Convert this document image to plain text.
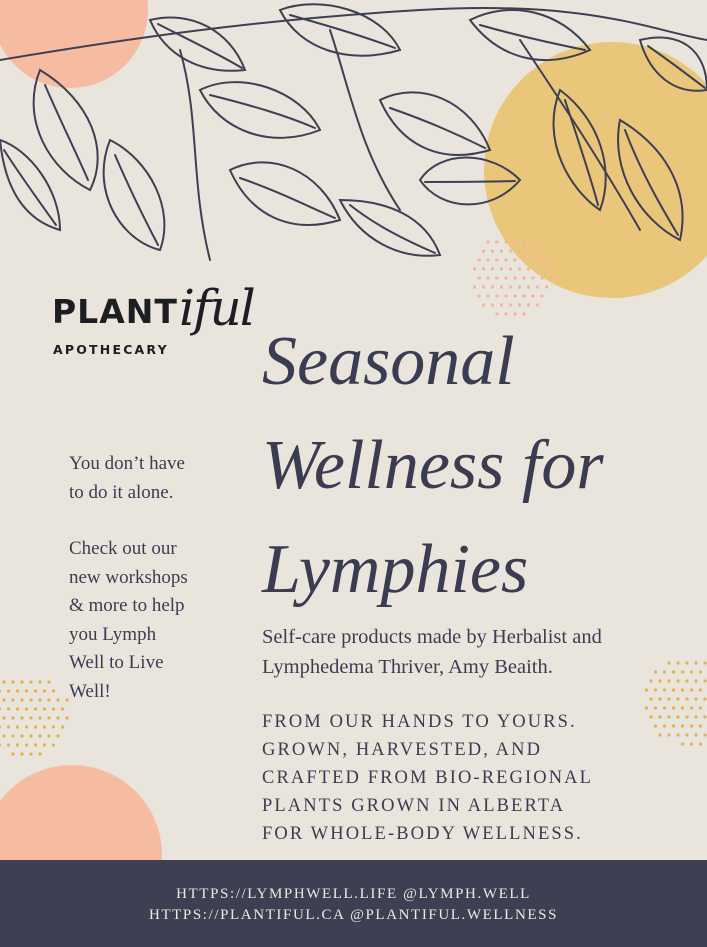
PLANT iful
APOTHECARY Seasonal
Wellness for
Lymphies

You don’t have
to do it alone.

Check out our
new workshops
& more to help
you Lymph
Well to Live
Well!

Self-care products made by Herbalist and
Lymphedema Thriver, Amy Beaith.
FROM OUR HANDS TO YOURS.
GROWN, HARVESTED, AND
CRAFTED FROM BIO-REGIONAL
PLANTS GROWN IN ALBERTA
FOR WHOLE-BODY WELLNESS.
HTTPS://LYMPHWELL.LIFE @LYMPH.WELL
HTTPS://PLANTIFUL.CA @PLANTIFUL.WELLNESS
